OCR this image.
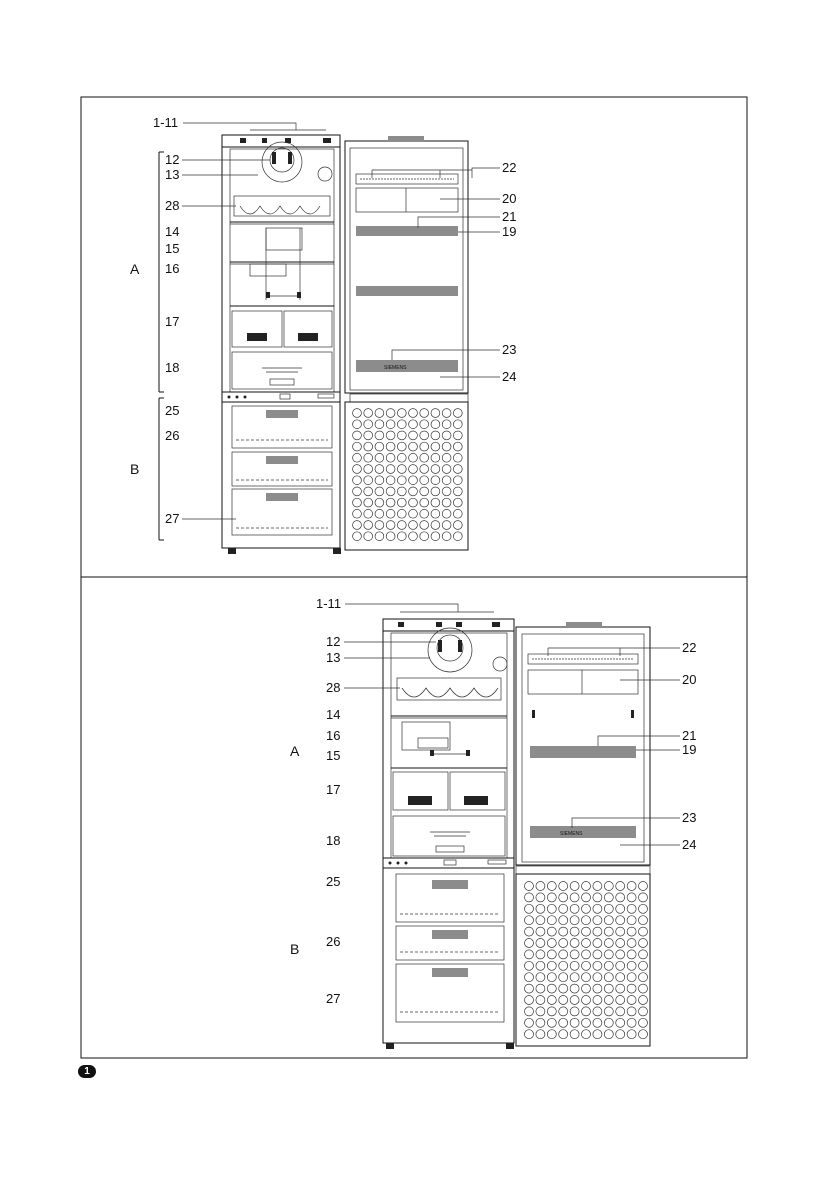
A
B
SIEMENS
1-11
12
13
28
14
15
16
17
18
25
26
27
22
20
21
19
23
24
A
B
SIEMENS
1-11
12
13
28
14
16
15
17
18
25
26
27
22
20
21
19
23
24
1
